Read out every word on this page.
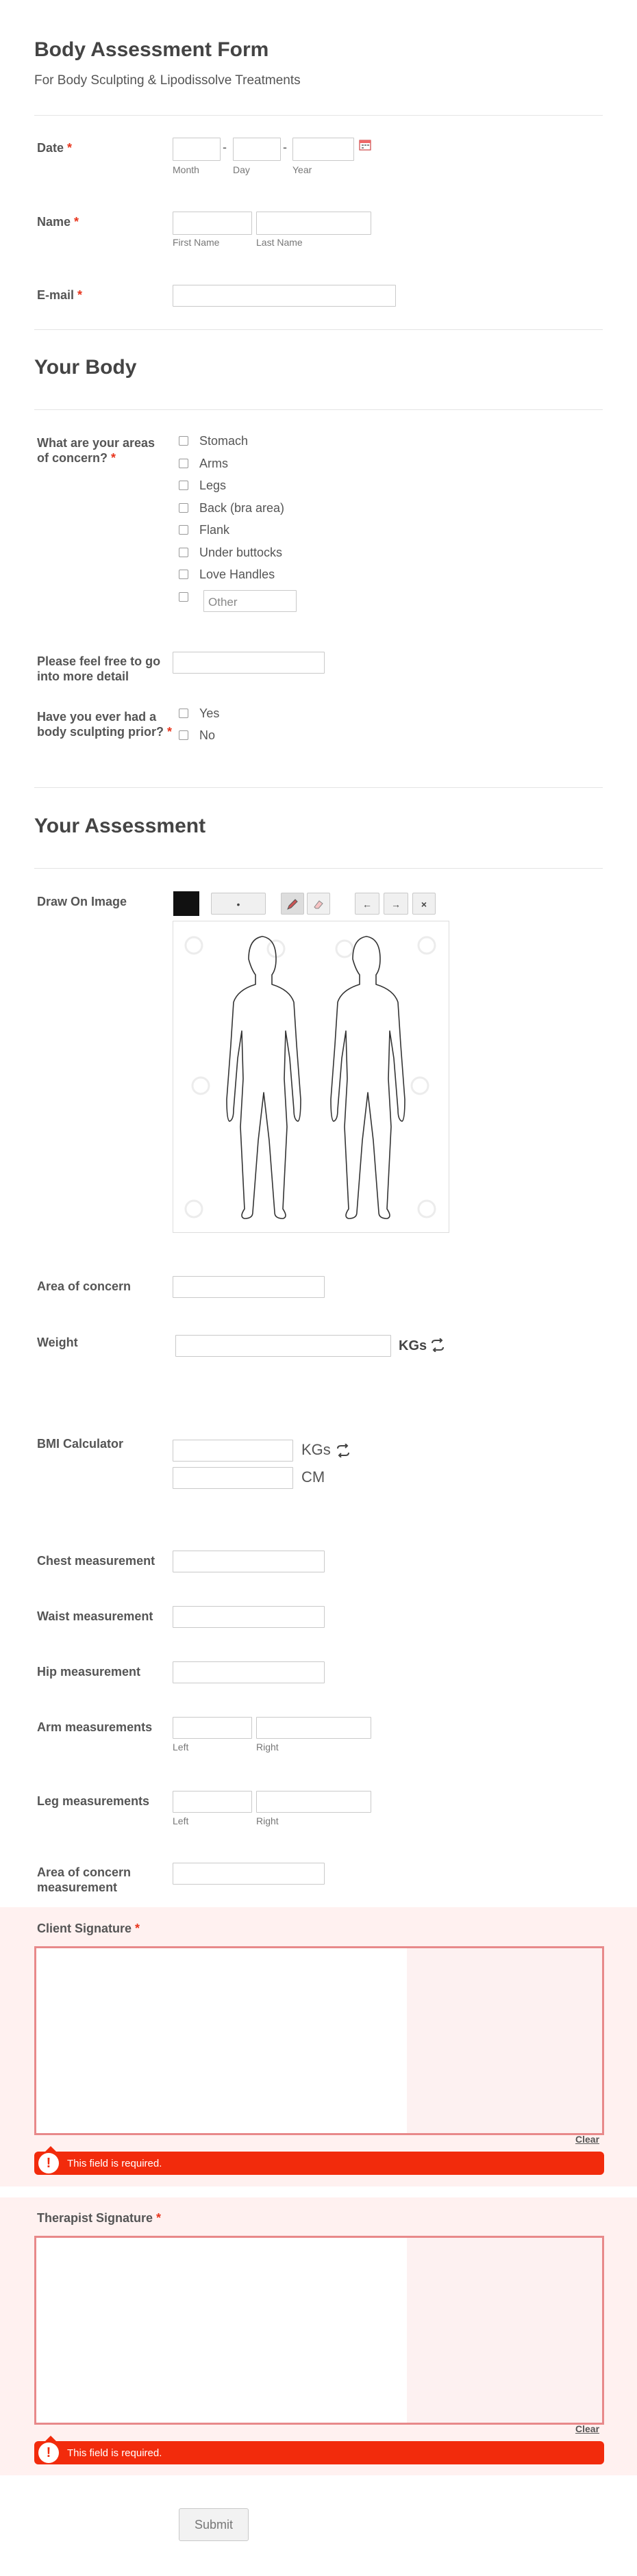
Body Assessment Form
For Body Sculpting & Lipodissolve Treatments
Date *	-	-
Month	Day	Year
Name *
First Name	Last Name
E-mail *
Your Body
What are your areas of concern? *
Stomach
Arms
Legs
Back (bra area)
Flank
Under buttocks
Love Handles
Other
Please feel free to go into more detail
Have you ever had a body sculpting prior? *
Yes
No
Your Assessment
Draw On Image	•	←	→	×
Area of concern
Weight	KGs
BMI Calculator	KGs
CM
Chest measurement
Waist measurement
Hip measurement
Arm measurements
Left	Right
Leg measurements
Left	Right
Area of concern measurement
Client Signature *
Clear
!	This field is required.
Therapist Signature *
Clear
!	This field is required.
Submit
